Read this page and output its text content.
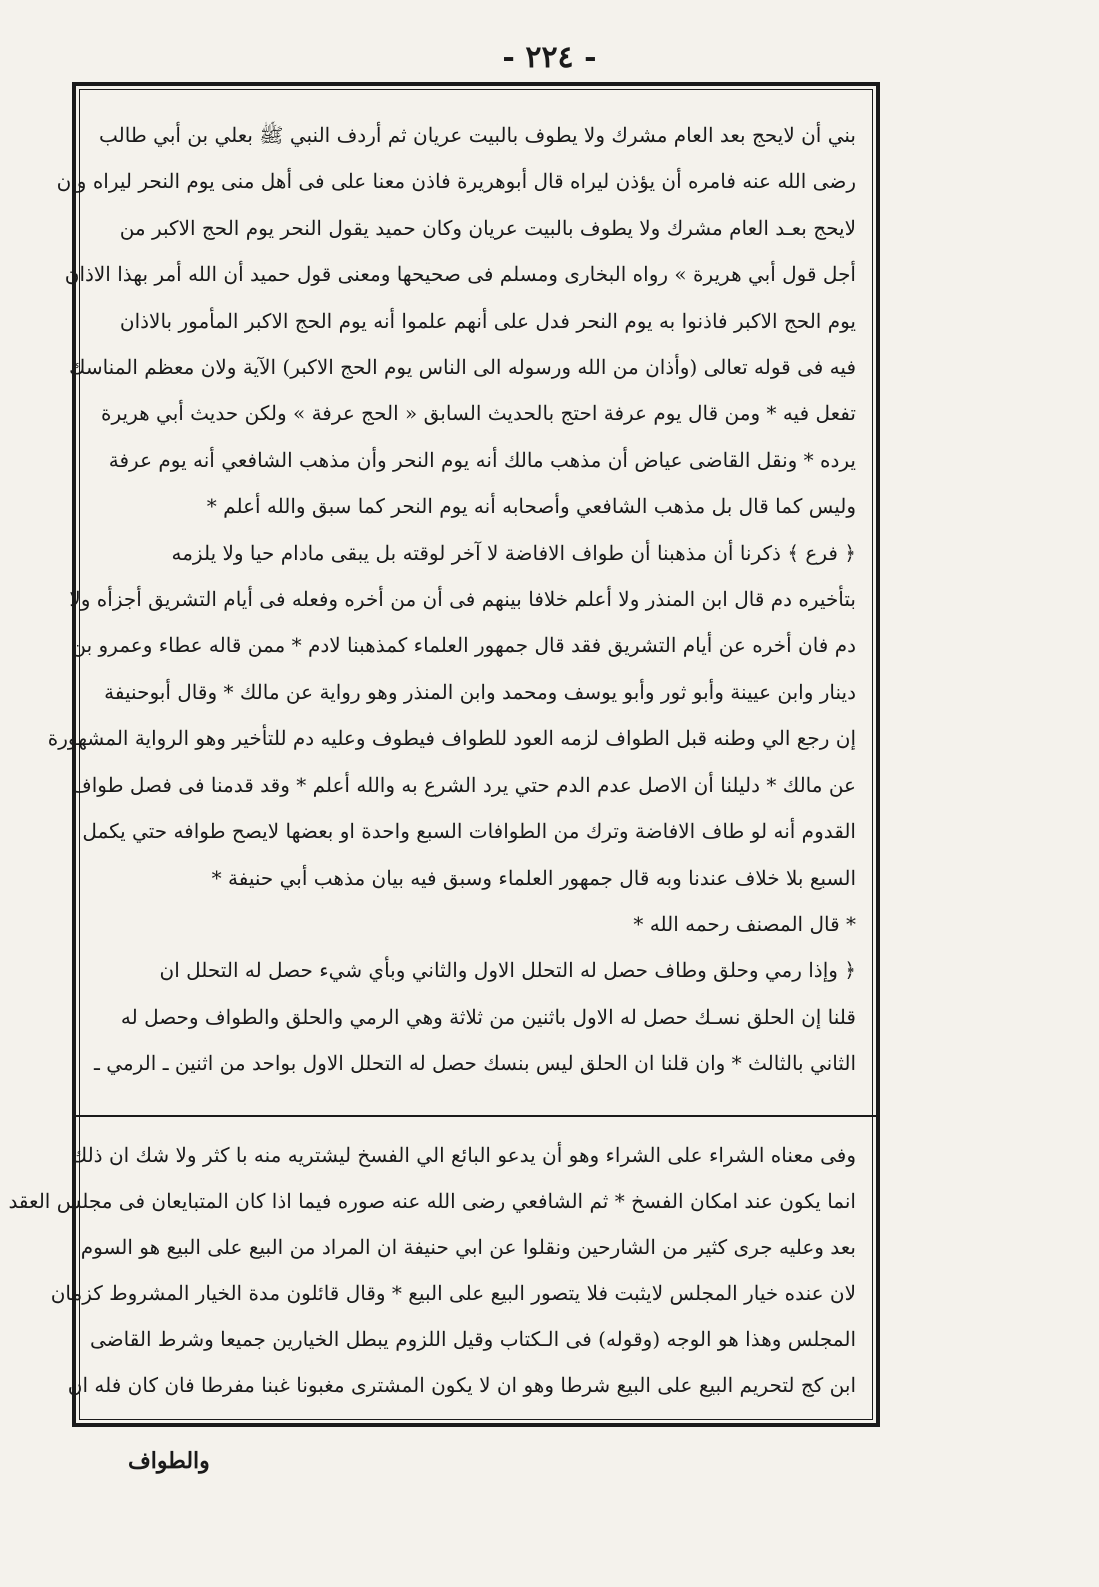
- ٢٢٤ -
بني أن لايحج بعد العام مشرك ولا يطوف بالبيت عريان ثم أردف النبي ﷺ بعلي بن أبي طالب
رضى الله عنه فامره أن يؤذن ليراه قال أبوهريرة فاذن معنا على فى أهل منى يوم النحر ليراه وأن
لايحج بعـد العام مشرك ولا يطوف بالبيت عريان وكان حميد يقول النحر يوم الحج الاكبر من
أجل قول أبي هريرة » رواه البخارى ومسلم فى صحيحها ومعنى قول حميد أن الله أمر بهذا الاذان
يوم الحج الاكبر فاذنوا به يوم النحر فدل على أنهم علموا أنه يوم الحج الاكبر المأمور بالاذان
فيه فى قوله تعالى (وأذان من الله ورسوله الى الناس يوم الحج الاكبر) الآية ولان معظم المناسك
تفعل فيه * ومن قال يوم عرفة احتج بالحديث السابق « الحج عرفة » ولكن حديث أبي هريرة
يرده * ونقل القاضى عياض أن مذهب مالك أنه يوم النحر وأن مذهب الشافعي أنه يوم عرفة
وليس كما قال بل مذهب الشافعي وأصحابه أنه يوم النحر كما سبق والله أعلم *
﴿ فرع ﴾ ذكرنا أن مذهبنا أن طواف الافاضة لا آخر لوقته بل يبقى مادام حيا ولا يلزمه
بتأخيره دم قال ابن المنذر ولا أعلم خلافا بينهم فى أن من أخره وفعله فى أيام التشريق أجزأه ولا
دم فان أخره عن أيام التشريق فقد قال جمهور العلماء كمذهبنا لادم * ممن قاله عطاء وعمرو بن
دينار وابن عيينة وأبو ثور وأبو يوسف ومحمد وابن المنذر وهو رواية عن مالك * وقال أبوحنيفة
إن رجع الي وطنه قبل الطواف لزمه العود للطواف فيطوف وعليه دم للتأخير وهو الرواية المشهورة
عن مالك * دليلنا أن الاصل عدم الدم حتي يرد الشرع به والله أعلم * وقد قدمنا فى فصل طواف
القدوم أنه لو طاف الافاضة وترك من الطوافات السبع واحدة او بعضها لايصح طوافه حتي يكمل
السبع بلا خلاف عندنا وبه قال جمهور العلماء وسبق فيه بيان مذهب أبي حنيفة *
* قال المصنف رحمه الله *
﴿ وإذا رمي وحلق وطاف حصل له التحلل الاول والثاني وبأي شيء حصل له التحلل ان
قلنا إن الحلق نسـك حصل له الاول باثنين من ثلاثة وهي الرمي والحلق والطواف وحصل له
الثاني بالثالث * وان قلنا ان الحلق ليس بنسك حصل له التحلل الاول بواحد من اثنين ـ الرمي ـ
وفى معناه الشراء على الشراء وهو أن يدعو البائع الي الفسخ ليشتريه منه با كثر ولا شك ان ذلك
انما يكون عند امكان الفسخ * ثم الشافعي رضى الله عنه صوره فيما اذا كان المتبايعان فى مجلس العقد
بعد وعليه جرى كثير من الشارحين ونقلوا عن ابي حنيفة ان المراد من البيع على البيع هو السوم
لان عنده خيار المجلس لايثبت فلا يتصور البيع على البيع * وقال قائلون مدة الخيار المشروط كزمان
المجلس وهذا هو الوجه (وقوله) فى الـكتاب وقيل اللزوم يبطل الخيارين جميعا وشرط القاضى
ابن كج لتحريم البيع على البيع شرطا وهو ان لا يكون المشترى مغبونا غبنا مفرطا فان كان فله ان
والطواف
